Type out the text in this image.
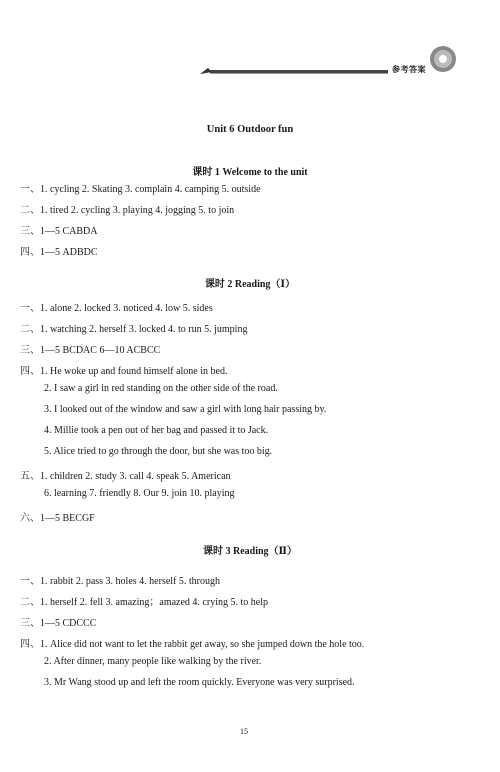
参考答案
Unit 6 Outdoor fun
课时 1 Welcome to the unit
一、1. cycling 2. Skating 3. complain 4. camping 5. outside
二、1. tired 2. cycling 3. playing 4. jogging 5. to join
三、1—5 CABDA
四、1—5 ADBDC
课时 2 Reading（Ⅰ）
一、1. alone 2. locked 3. noticed 4. low 5. sides
二、1. watching 2. herself 3. locked 4. to run 5. jumping
三、1—5 BCDAC 6—10 ACBCC
四、1. He woke up and found himself alone in bed.
2. I saw a girl in red standing on the other side of the road.
3. I looked out of the window and saw a girl with long hair passing by.
4. Millie took a pen out of her bag and passed it to Jack.
5. Alice tried to go through the door, but she was too big.
五、1. children 2. study 3. call 4. speak 5. American
6. learning 7. friendly 8. Our 9. join 10. playing
六、1—5 BECGF
课时 3 Reading（Ⅱ）
一、1. rabbit 2. pass 3. holes 4. herself 5. through
二、1. herself 2. fell 3. amazing；amazed 4. crying 5. to help
三、1—5 CDCCC
四、1. Alice did not want to let the rabbit get away, so she jumped down the hole too.
2. After dinner, many people like walking by the river.
3. Mr Wang stood up and left the room quickly. Everyone was very surprised.
15
